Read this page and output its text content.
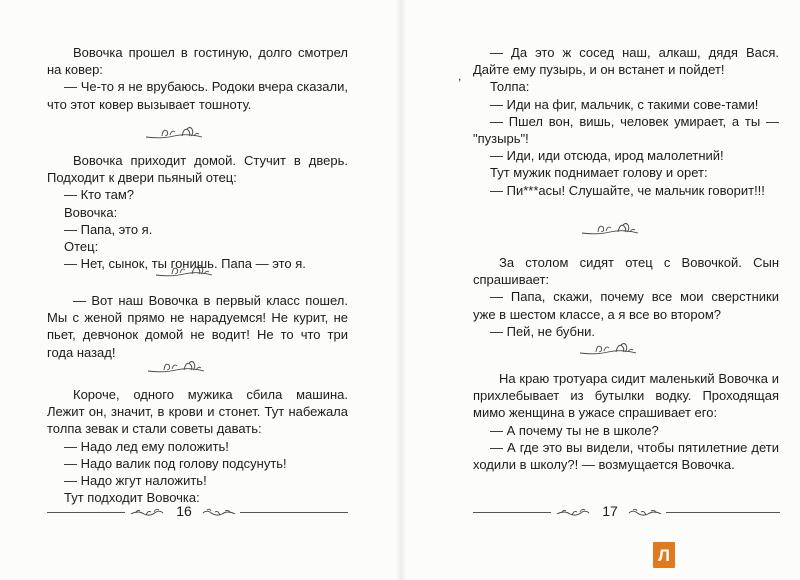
Вовочка прошел в гостиную, долго смотрел на ковер:

— Че-то я не врубаюсь. Родоки вчера сказали, что этот ковер вызывает тошноту.

Вовочка приходит домой. Стучит в дверь. Подходит к двери пьяный отец:

— Кто там?

Вовочка:

— Папа, это я.

Отец:

— Нет, сынок, ты гонишь. Папа — это я.

— Вот наш Вовочка в первый класс пошел. Мы с женой прямо не нарадуемся! Не курит, не пьет, девчонок домой не водит! Не то что три года назад!

Короче, одного мужика сбила машина. Лежит он, значит, в крови и стонет. Тут набежала толпа зевак и стали советы давать:

— Надо лед ему положить!

— Надо валик под голову подсунуть!

— Надо жгут наложить!

Тут подходит Вовочка:

16

— Да это ж сосед наш, алкаш, дядя Вася. Дайте ему пузырь, и он встанет и пойдет!

Толпа:

— Иди на фиг, мальчик, с такими сове-тами!

— Пшел вон, вишь, человек умирает, а ты — "пузырь"!

— Иди, иди отсюда, ирод малолетний!

Тут мужик поднимает голову и орет:

— Пи***асы! Слушайте, че мальчик говорит!!!

За столом сидят отец с Вовочкой. Сын спрашивает:

— Папа, скажи, почему все мои сверстники уже в шестом классе, а я все во втором?

— Пей, не бубни.

На краю тротуара сидит маленький Вовочка и прихлебывает из бутылки водку. Проходящая мимо женщина в ужасе спрашивает его:

— А почему ты не в школе?

— А где это вы видели, чтобы пятилетние дети ходили в школу?! — возмущается Вовочка.

17
,
Л
